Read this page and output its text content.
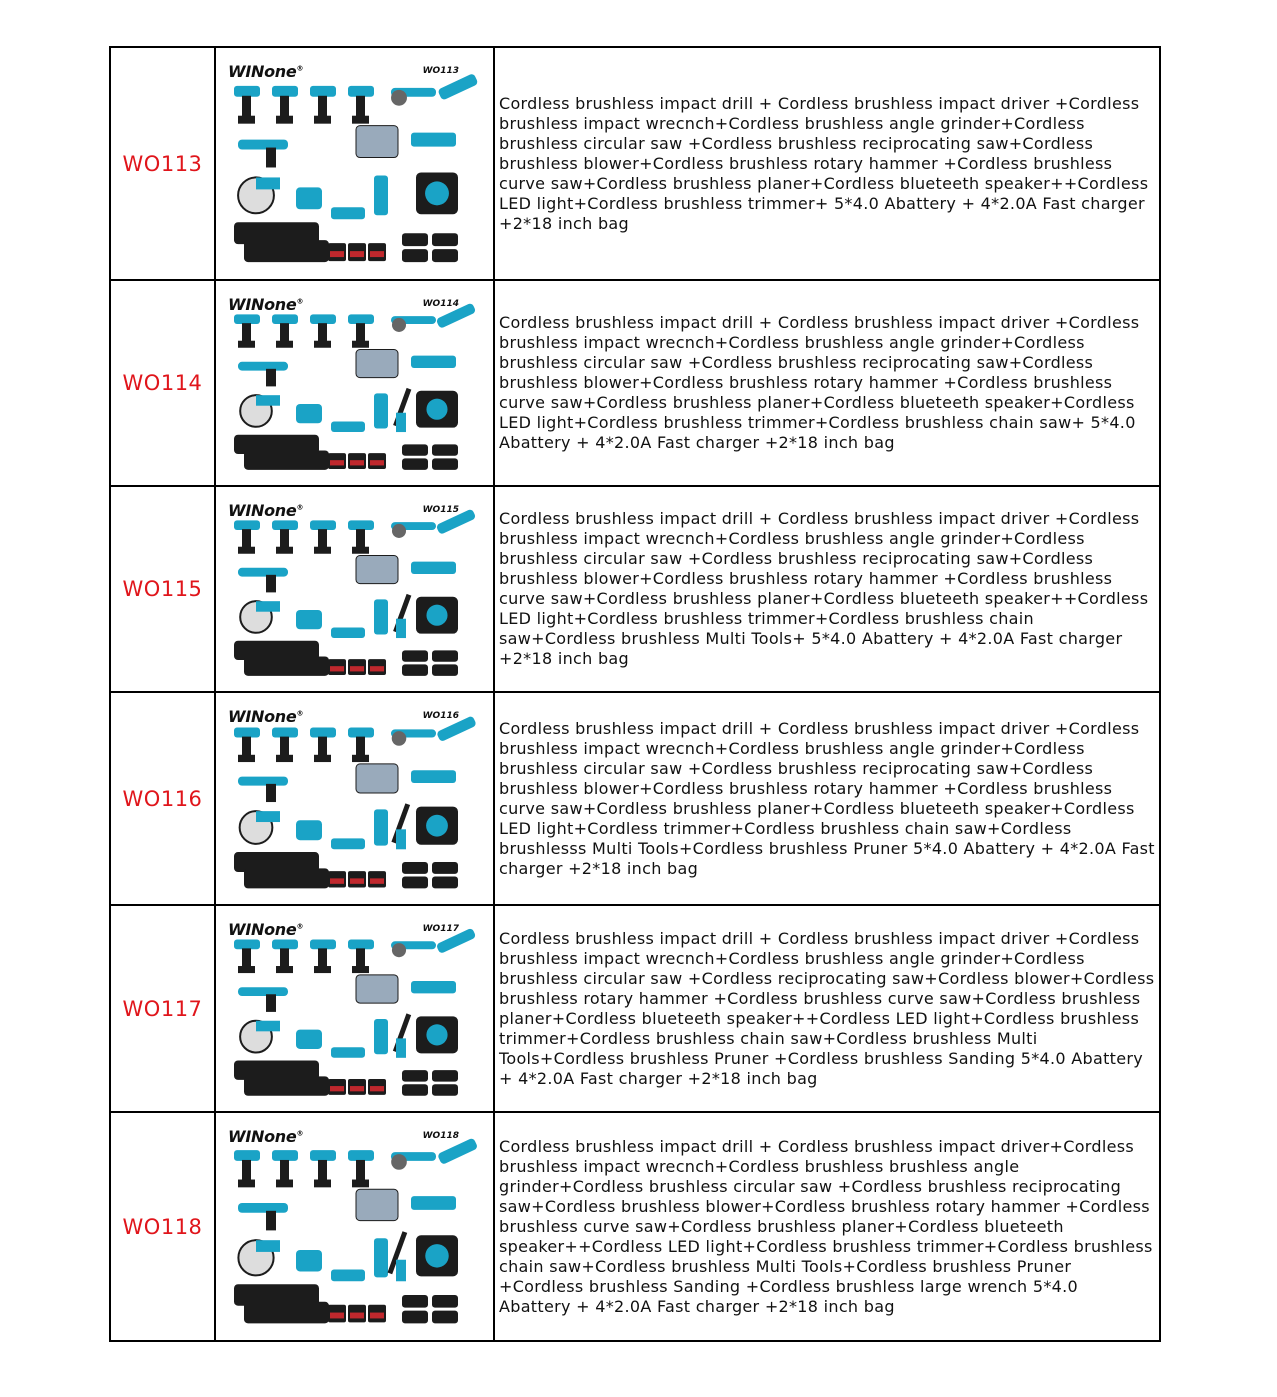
WO113	WINone® WO113	Cordless brushless impact drill + Cordless brushless impact driver +Cordless brushless impact wrecnch+Cordless brushless angle grinder+Cordless brushless circular saw +Cordless brushless reciprocating saw+Cordless brushless blower+Cordless brushless rotary hammer +Cordless brushless curve saw+Cordless brushless planer+Cordless blueteeth speaker++Cordless LED light+Cordless brushless trimmer+ 5*4.0 Abattery + 4*2.0A Fast charger +2*18 inch bag
WO114	WINone® WO114	Cordless brushless impact drill + Cordless brushless impact driver +Cordless brushless impact wrecnch+Cordless brushless angle grinder+Cordless brushless circular saw +Cordless brushless reciprocating saw+Cordless brushless blower+Cordless brushless rotary hammer +Cordless brushless curve saw+Cordless brushless planer+Cordless blueteeth speaker+Cordless LED light+Cordless brushless trimmer+Cordless brushless chain saw+ 5*4.0 Abattery + 4*2.0A Fast charger +2*18 inch bag
WO115	WINone® WO115	Cordless brushless impact drill + Cordless brushless impact driver +Cordless brushless impact wrecnch+Cordless brushless angle grinder+Cordless brushless circular saw +Cordless brushless reciprocating saw+Cordless brushless blower+Cordless brushless rotary hammer +Cordless brushless curve saw+Cordless brushless planer+Cordless blueteeth speaker++Cordless LED light+Cordless brushless trimmer+Cordless brushless chain saw+Cordless brushless Multi Tools+ 5*4.0 Abattery + 4*2.0A Fast charger +2*18 inch bag
WO116	WINone® WO116	Cordless brushless impact drill + Cordless brushless impact driver +Cordless brushless impact wrecnch+Cordless brushless angle grinder+Cordless brushless circular saw +Cordless brushless reciprocating saw+Cordless brushless blower+Cordless brushless rotary hammer +Cordless brushless curve saw+Cordless brushless planer+Cordless blueteeth speaker+Cordless LED light+Cordless trimmer+Cordless brushless chain saw+Cordless brushlesss Multi Tools+Cordless brushless Pruner 5*4.0 Abattery + 4*2.0A Fast charger +2*18 inch bag
WO117	WINone® WO117	Cordless brushless impact drill + Cordless brushless impact driver +Cordless brushless impact wrecnch+Cordless brushless angle grinder+Cordless brushless circular saw +Cordless reciprocating saw+Cordless blower+Cordless brushless rotary hammer +Cordless brushless curve saw+Cordless brushless planer+Cordless blueteeth speaker++Cordless LED light+Cordless brushless trimmer+Cordless brushless chain saw+Cordless brushless Multi Tools+Cordless brushless Pruner +Cordless brushless Sanding 5*4.0 Abattery + 4*2.0A Fast charger +2*18 inch bag
WO118	WINone® WO118	Cordless brushless impact drill + Cordless brushless impact driver+Cordless brushless impact wrecnch+Cordless brushless brushless angle grinder+Cordless brushless circular saw +Cordless brushless reciprocating saw+Cordless brushless blower+Cordless brushless rotary hammer +Cordless brushless curve saw+Cordless brushless planer+Cordless blueteeth speaker++Cordless LED light+Cordless brushless trimmer+Cordless brushless chain saw+Cordless brushless Multi Tools+Cordless brushless Pruner +Cordless brushless Sanding +Cordless brushless large wrench 5*4.0 Abattery + 4*2.0A Fast charger +2*18 inch bag
